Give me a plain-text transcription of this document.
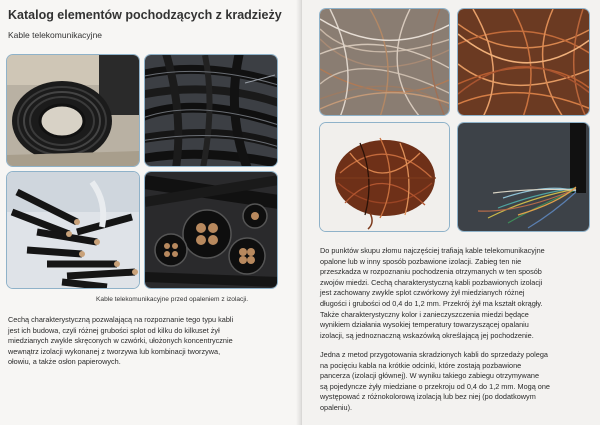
Katalog elementów pochodzących z kradzieży
Kable telekomunikacyjne
Kable telekomunikacyjne przed opaleniem z izolacji.
Cechą charakterystyczną pozwalającą na rozpoznanie tego typu kabli
jest ich budowa, czyli różnej grubości splot od kilku do kilkuset żył
miedzianych zwykle skręconych w czwórki, ułożonych koncentrycznie
wewnątrz izolacji wykonanej z tworzywa lub kombinacji tworzywa,
ołowiu, a także osłon papierowych.
Do punktów skupu złomu najczęściej trafiają kable telekomunikacyjne
opalone lub w inny sposób pozbawione izolacji. Zabieg ten nie
przeszkadza w rozpoznaniu pochodzenia otrzymanych w ten sposób
zwojów miedzi. Cechą charakterystyczną kabli pozbawionych izolacji
jest zachowany zwykle splot czwórkowy żył miedzianych różnej
długości i grubości od 0,4 do 1,2 mm. Przekrój żył ma kształt okrągły.
Także charakterystyczny kolor i zanieczyszczenia miedzi będące
wynikiem działania wysokiej temperatury towarzyszącej opalaniu
izolacji, są jednoznaczną wskazówką określającą jej pochodzenie.
Jedna z metod przygotowania skradzionych kabli do sprzedaży polega
na pocięciu kabla na krótkie odcinki, które zostają pozbawione
pancerza (izolacji głównej). W wyniku takiego zabiegu otrzymywane
są pojedyncze żyły miedziane o przekroju od 0,4 do 1,2 mm. Mogą one
występować z różnokolorową izolacją lub bez niej (po dodatkowym
opaleniu).
